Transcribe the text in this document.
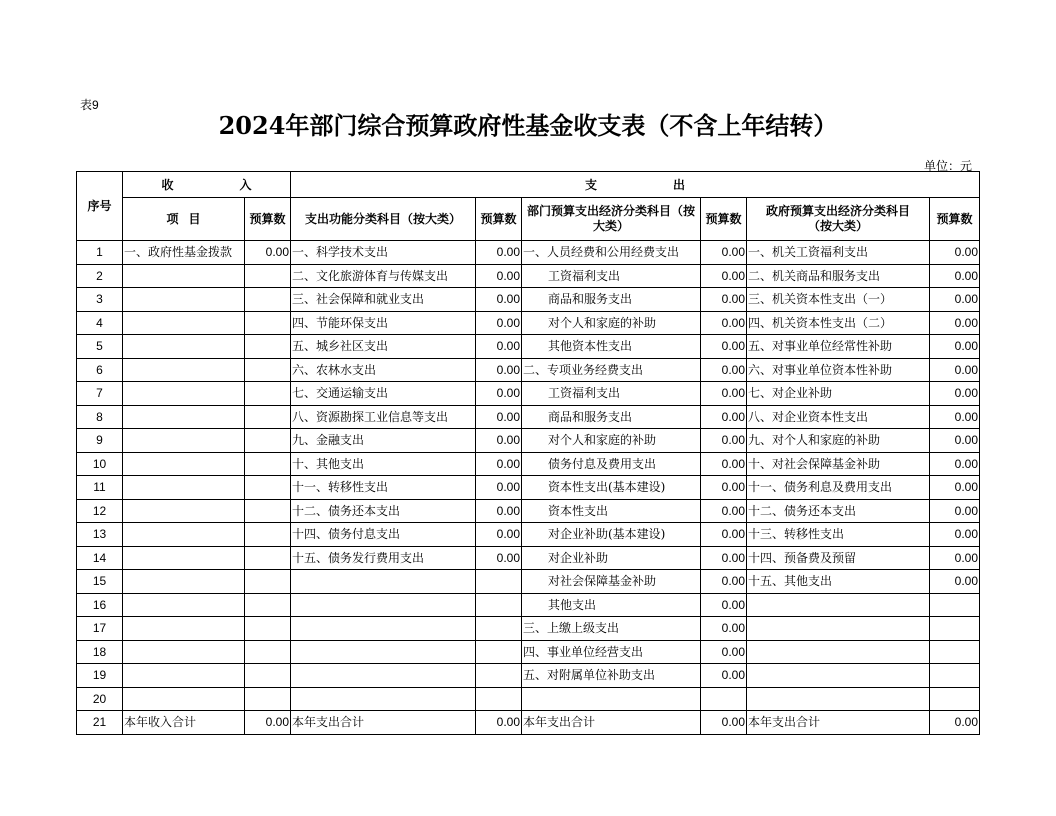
表9
2024年部门综合预算政府性基金收支表（不含上年结转）
单位：元
序号	收入		支出					
	项目	预算数	支出功能分类科目（按大类）	预算数	部门预算支出经济分类科目（按大类）	预算数	政府预算支出经济分类科目（按大类）	预算数
1	一、政府性基金拨款	0.00	一、科学技术支出	0.00	一、人员经费和公用经费支出	0.00	一、机关工资福利支出	0.00
2			二、文化旅游体育与传媒支出	0.00	工资福利支出	0.00	二、机关商品和服务支出	0.00
3			三、社会保障和就业支出	0.00	商品和服务支出	0.00	三、机关资本性支出（一）	0.00
4			四、节能环保支出	0.00	对个人和家庭的补助	0.00	四、机关资本性支出（二）	0.00
5			五、城乡社区支出	0.00	其他资本性支出	0.00	五、对事业单位经常性补助	0.00
6			六、农林水支出	0.00	二、专项业务经费支出	0.00	六、对事业单位资本性补助	0.00
7			七、交通运输支出	0.00	工资福利支出	0.00	七、对企业补助	0.00
8			八、资源勘探工业信息等支出	0.00	商品和服务支出	0.00	八、对企业资本性支出	0.00
9			九、金融支出	0.00	对个人和家庭的补助	0.00	九、对个人和家庭的补助	0.00
10			十、其他支出	0.00	债务付息及费用支出	0.00	十、对社会保障基金补助	0.00
11			十一、转移性支出	0.00	资本性支出(基本建设)	0.00	十一、债务利息及费用支出	0.00
12			十二、债务还本支出	0.00	资本性支出	0.00	十二、债务还本支出	0.00
13			十四、债务付息支出	0.00	对企业补助(基本建设)	0.00	十三、转移性支出	0.00
14			十五、债务发行费用支出	0.00	对企业补助	0.00	十四、预备费及预留	0.00
15					对社会保障基金补助	0.00	十五、其他支出	0.00
16					其他支出	0.00		
17					三、上缴上级支出	0.00		
18					四、事业单位经营支出	0.00		
19					五、对附属单位补助支出	0.00		
20								
21	本年收入合计	0.00	本年支出合计	0.00	本年支出合计	0.00	本年支出合计	0.00
